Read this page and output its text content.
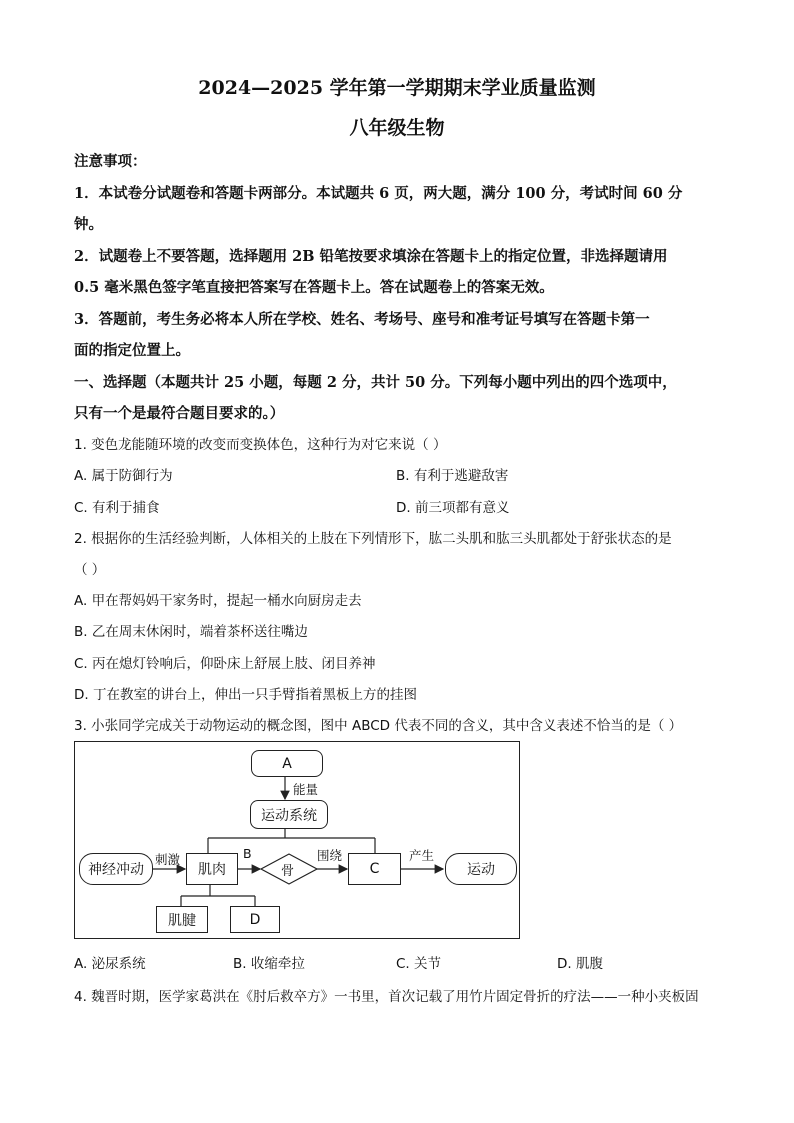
2024—2025 学年第一学期期末学业质量监测
八年级生物
注意事项：
1．本试卷分试题卷和答题卡两部分。本试题共 6 页，两大题，满分 100 分，考试时间 60 分
钟。
2．试题卷上不要答题，选择题用 2B 铅笔按要求填涂在答题卡上的指定位置，非选择题请用
0.5 毫米黑色签字笔直接把答案写在答题卡上。答在试题卷上的答案无效。
3．答题前，考生务必将本人所在学校、姓名、考场号、座号和准考证号填写在答题卡第一
面的指定位置上。
一、选择题（本题共计 25 小题，每题 2 分，共计 50 分。下列每小题中列出的四个选项中，
只有一个是最符合题目要求的。）
1. 变色龙能随环境的改变而变换体色，这种行为对它来说（ ）
A. 属于防御行为	B. 有利于逃避敌害
C. 有利于捕食	D. 前三项都有意义
2. 根据你的生活经验判断，人体相关的上肢在下列情形下，肱二头肌和肱三头肌都处于舒张状态的是
（ ）
A. 甲在帮妈妈干家务时，提起一桶水向厨房走去
B. 乙在周末休闲时，端着茶杯送往嘴边
C. 丙在熄灯铃响后，仰卧床上舒展上肢、闭目养神
D. 丁在教室的讲台上，伸出一只手臂指着黑板上方的挂图
3. 小张同学完成关于动物运动的概念图，图中 ABCD 代表不同的含义，其中含义表述不恰当的是（ ）
A
能量
运动系统
神经冲动
刺激
肌肉
B
骨
围绕
C
产生
运动
肌腱	D
A. 泌尿系统	B. 收缩牵拉	C. 关节	D. 肌腹
4. 魏晋时期，医学家葛洪在《肘后救卒方》一书里，首次记载了用竹片固定骨折的疗法——一种小夹板固
